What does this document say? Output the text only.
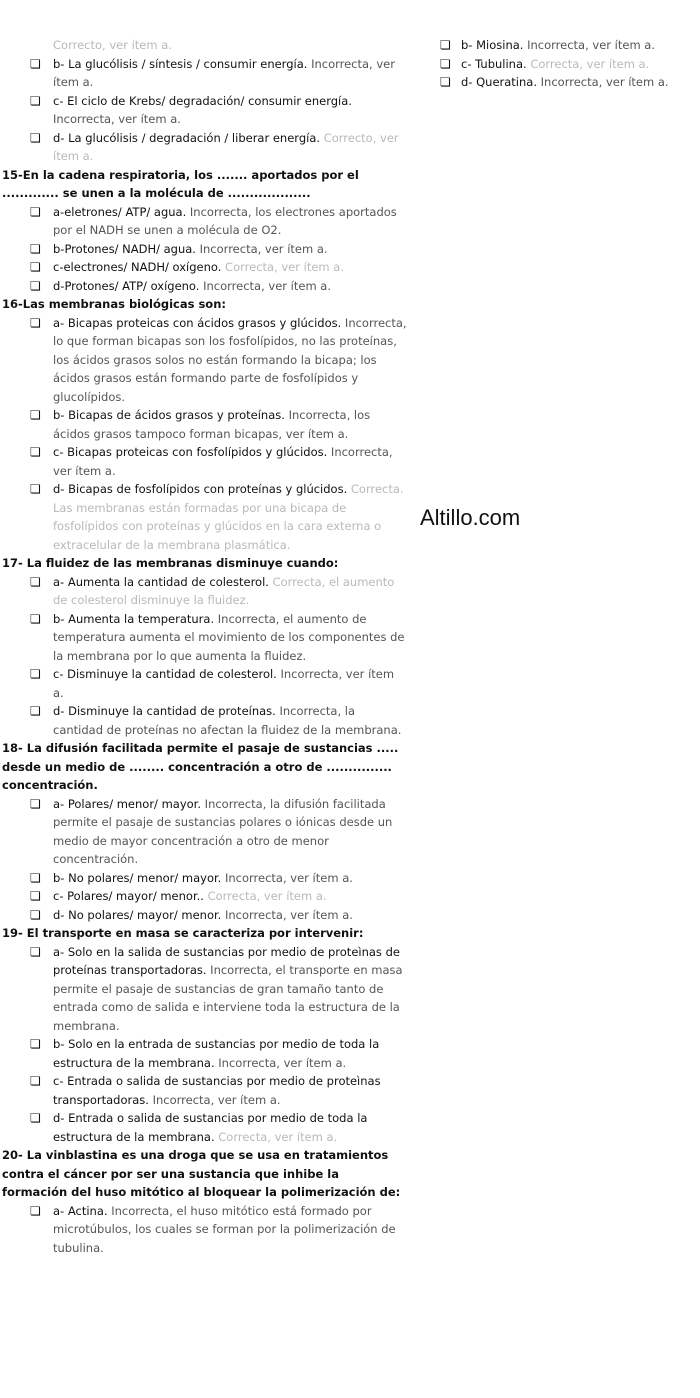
Correcto, ver ítem a.
❏ b- La glucólisis / síntesis / consumir energía. Incorrecta, ver ítem a.
❏ c- El ciclo de Krebs/ degradación/ consumir energía. Incorrecta, ver ítem a.
❏ d- La glucólisis / degradación / liberar energía. Correcto, ver ítem a.
15-En la cadena respiratoria, los ....... aportados por el ............. se unen a la molécula de ...................
❏ a-eletrones/ ATP/ agua. Incorrecta, los electrones aportados por el NADH se unen a molécula de O2.
❏ b-Protones/ NADH/ agua. Incorrecta, ver ítem a.
❏ c-electrones/ NADH/ oxígeno. Correcta, ver ítem a.
❏ d-Protones/ ATP/ oxígeno. Incorrecta, ver ítem a.
16-Las membranas biológicas son:
❏ a- Bicapas proteicas con ácidos grasos y glúcidos. Incorrecta, lo que forman bicapas son los fosfolípidos, no las proteínas, los ácidos grasos solos no están formando la bicapa; los ácidos grasos están formando parte de fosfolípidos y glucolípidos.
❏ b- Bicapas de ácidos grasos y proteínas. Incorrecta, los ácidos grasos tampoco forman bicapas, ver ítem a.
❏ c- Bicapas proteicas con fosfolípidos y glúcidos. Incorrecta, ver ítem a.
❏ d- Bicapas de fosfolípidos con proteínas y glúcidos. Correcta. Las membranas están formadas por una bicapa de fosfolípidos con proteínas y glúcidos en la cara externa o extracelular de la membrana plasmática.
17- La fluidez de las membranas disminuye cuando:
❏ a- Aumenta la cantidad de colesterol. Correcta, el aumento de colesterol disminuye la fluidez.
❏ b- Aumenta la temperatura. Incorrecta, el aumento de temperatura aumenta el movimiento de los componentes de la membrana por lo que aumenta la fluidez.
❏ c- Disminuye la cantidad de colesterol. Incorrecta, ver ítem a.
❏ d- Disminuye la cantidad de proteínas. Incorrecta, la cantidad de proteínas no afectan la fluidez de la membrana.
18- La difusión facilitada permite el pasaje de sustancias ..... desde un medio de ........ concentración a otro de ............... concentración.
❏ a- Polares/ menor/ mayor. Incorrecta, la difusión facilitada permite el pasaje de sustancias polares o iónicas desde un medio de mayor concentración a otro de menor concentración.
❏ b- No polares/ menor/ mayor. Incorrecta, ver ítem a.
❏ c- Polares/ mayor/ menor.. Correcta, ver ítem a.
❏ d- No polares/ mayor/ menor. Incorrecta, ver ítem a.
19- El transporte en masa se caracteriza por intervenir:
❏ a- Solo en la salida de sustancias por medio de proteìnas de proteínas transportadoras. Incorrecta, el transporte en masa permite el pasaje de sustancias de gran tamaño tanto de entrada como de salida e interviene toda la estructura de la membrana.
❏ b- Solo en la entrada de sustancias por medio de toda la estructura de la membrana. Incorrecta, ver ítem a.
❏ c- Entrada o salida de sustancias por medio de proteìnas transportadoras. Incorrecta, ver ítem a.
❏ d- Entrada o salida de sustancias por medio de toda la estructura de la membrana. Correcta, ver ítem a.
20- La vinblastina es una droga que se usa en tratamientos contra el cáncer por ser una sustancia que inhibe la formación del huso mitótico al bloquear la polimerización de:
❏ a- Actina. Incorrecta, el huso mitótico está formado por microtúbulos, los cuales se forman por la polimerización de tubulina.
❏ b- Miosina. Incorrecta, ver ítem a.
❏ c- Tubulina. Correcta, ver ítem a.
❏ d- Queratina. Incorrecta, ver ítem a.
Altillo.com
